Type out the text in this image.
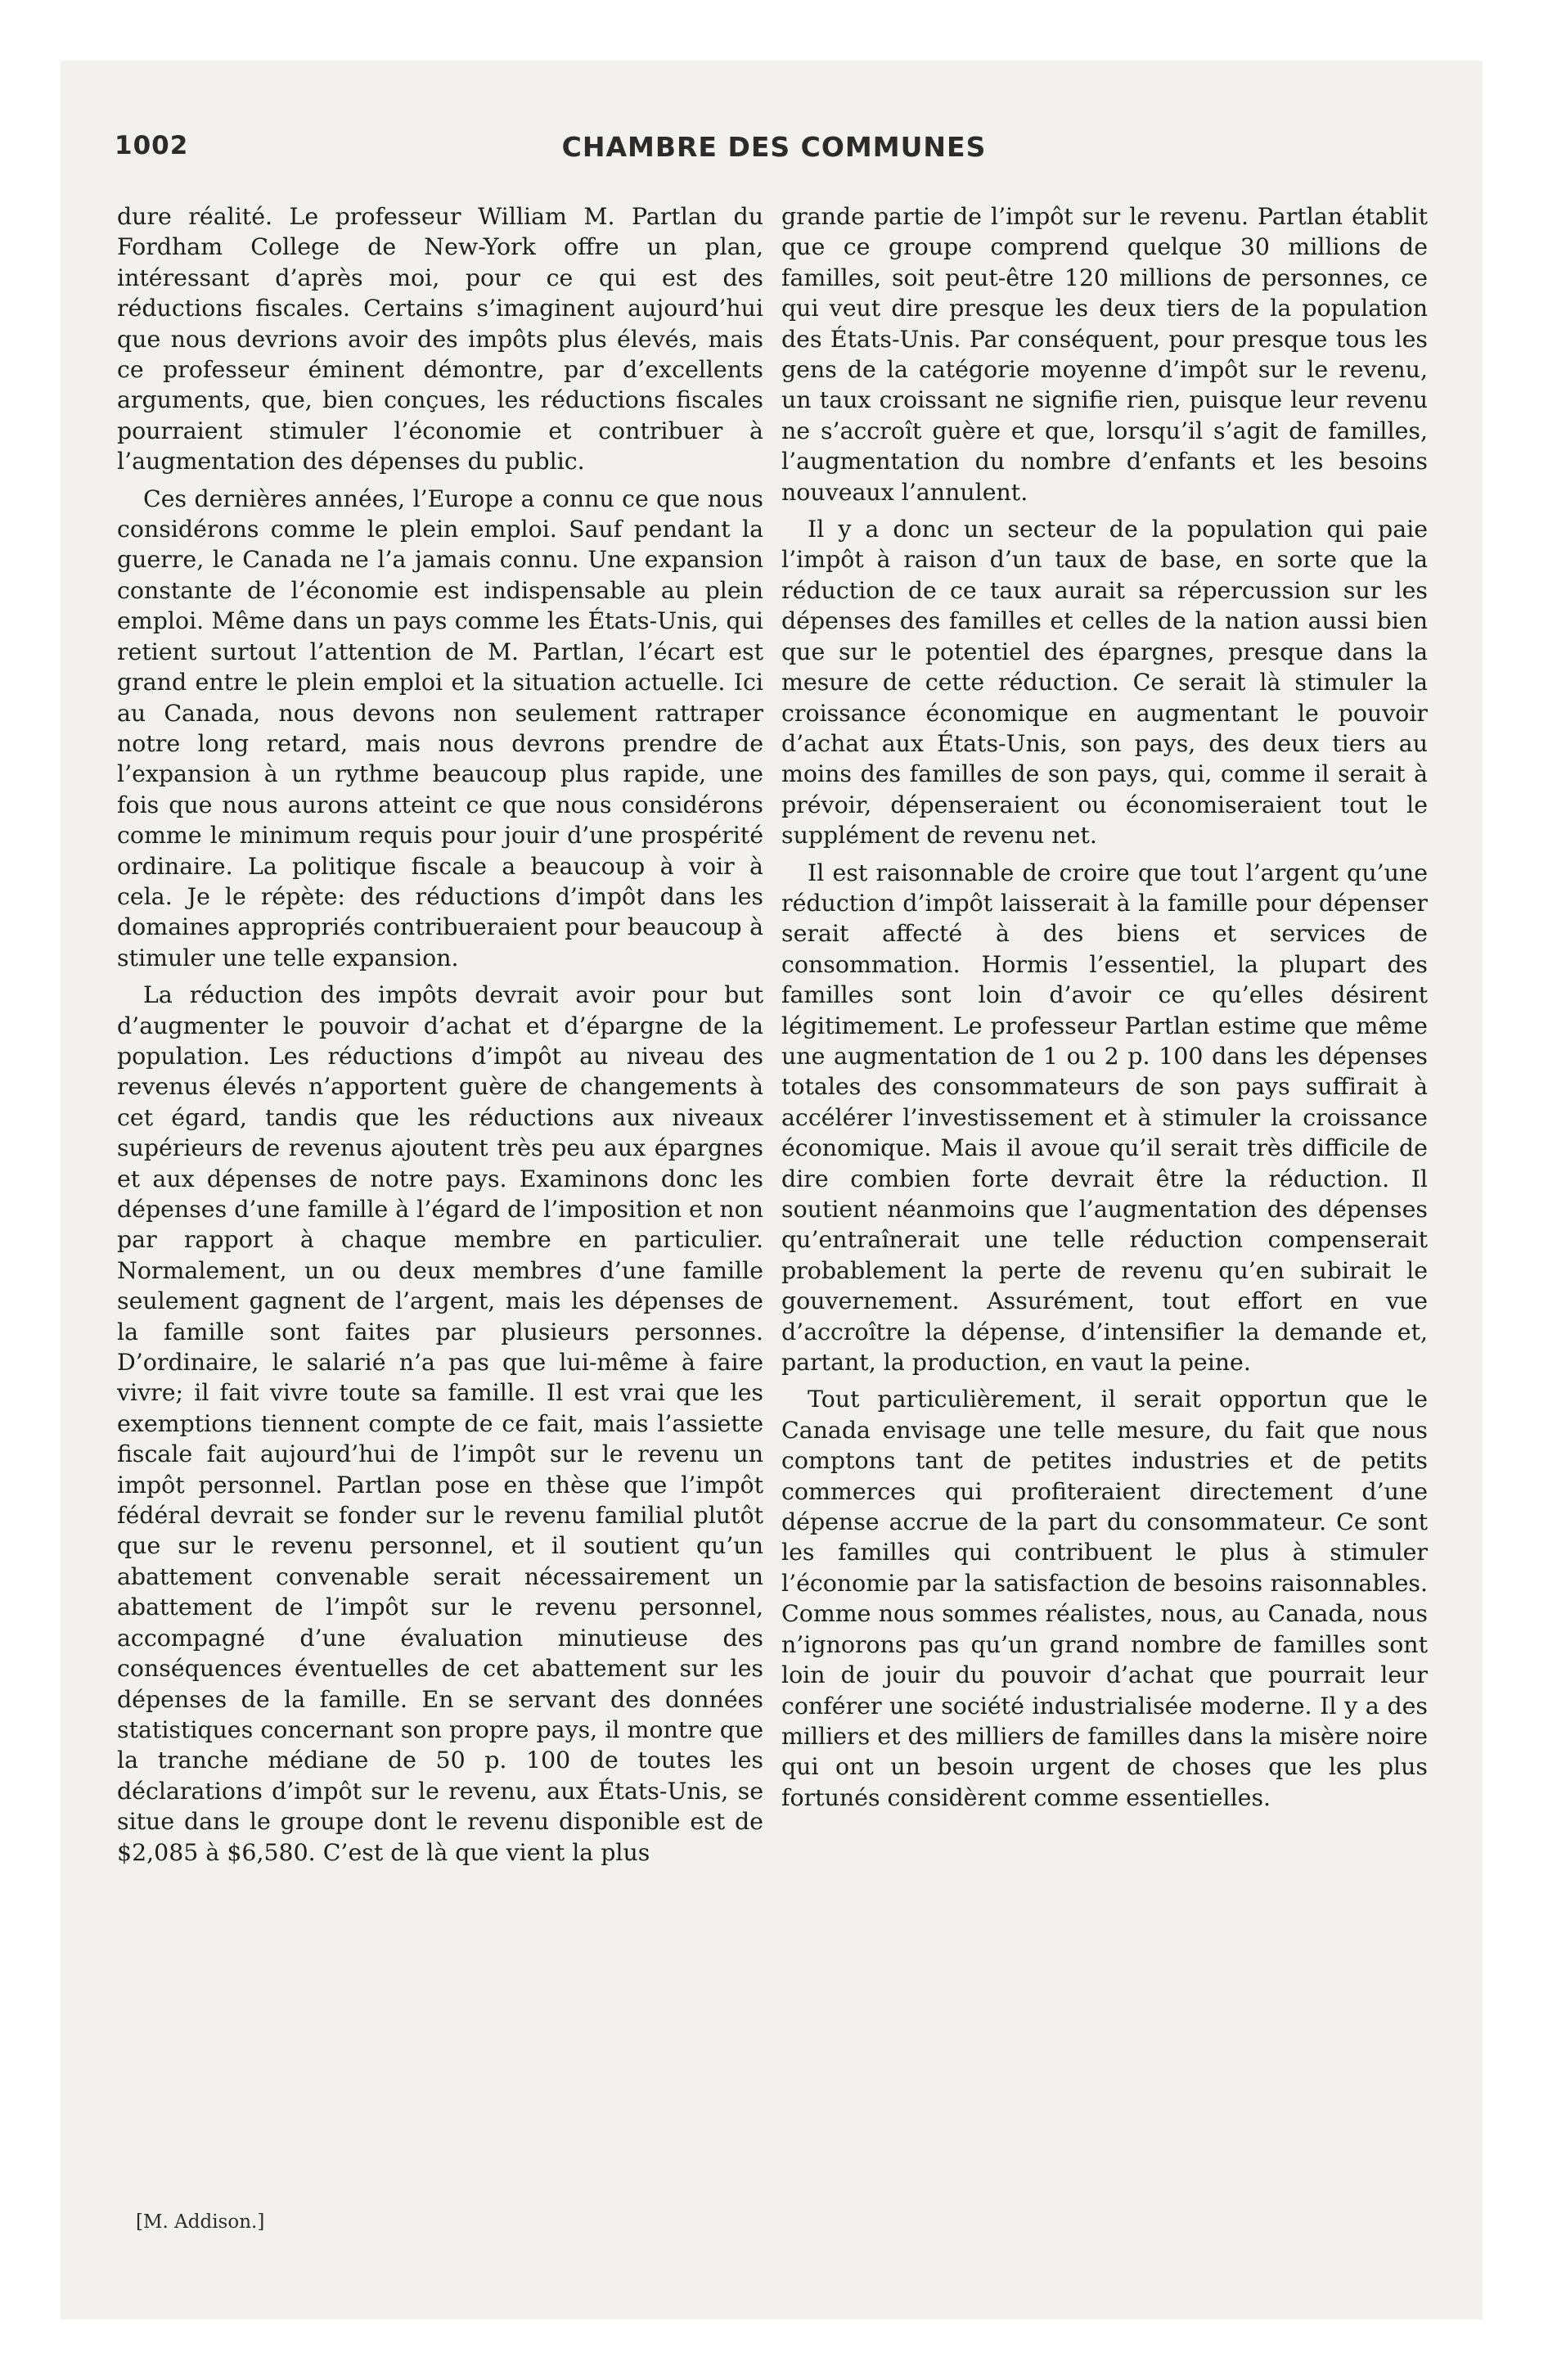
1002	CHAMBRE DES COMMUNES

dure réalité. Le professeur William M. Partlan du Fordham College de New-York offre un plan, intéressant d’après moi, pour ce qui est des réductions fiscales. Certains s’imaginent aujourd’hui que nous devrions avoir des impôts plus élevés, mais ce professeur éminent démontre, par d’excellents arguments, que, bien conçues, les réductions fiscales pourraient stimuler l’économie et contribuer à l’augmentation des dépenses du public.

Ces dernières années, l’Europe a connu ce que nous considérons comme le plein emploi. Sauf pendant la guerre, le Canada ne l’a jamais connu. Une expansion constante de l’économie est indispensable au plein emploi. Même dans un pays comme les États-Unis, qui retient surtout l’attention de M. Partlan, l’écart est grand entre le plein emploi et la situation actuelle. Ici au Canada, nous devons non seulement rattraper notre long retard, mais nous devrons prendre de l’expansion à un rythme beaucoup plus rapide, une fois que nous aurons atteint ce que nous considérons comme le minimum requis pour jouir d’une prospérité ordinaire. La politique fiscale a beaucoup à voir à cela. Je le répète: des réductions d’impôt dans les domaines appropriés contribueraient pour beaucoup à stimuler une telle expansion.

La réduction des impôts devrait avoir pour but d’augmenter le pouvoir d’achat et d’épargne de la population. Les réductions d’impôt au niveau des revenus élevés n’apportent guère de changements à cet égard, tandis que les réductions aux niveaux supérieurs de revenus ajoutent très peu aux épargnes et aux dépenses de notre pays. Examinons donc les dépenses d’une famille à l’égard de l’imposition et non par rapport à chaque membre en particulier. Normalement, un ou deux membres d’une famille seulement gagnent de l’argent, mais les dépenses de la famille sont faites par plusieurs personnes. D’ordinaire, le salarié n’a pas que lui-même à faire vivre; il fait vivre toute sa famille. Il est vrai que les exemptions tiennent compte de ce fait, mais l’assiette fiscale fait aujourd’hui de l’impôt sur le revenu un impôt personnel. Partlan pose en thèse que l’impôt fédéral devrait se fonder sur le revenu familial plutôt que sur le revenu personnel, et il soutient qu’un abattement convenable serait nécessairement un abattement de l’impôt sur le revenu personnel, accompagné d’une évaluation minutieuse des conséquences éventuelles de cet abattement sur les dépenses de la famille. En se servant des données statistiques concernant son propre pays, il montre que la tranche médiane de 50 p. 100 de toutes les déclarations d’impôt sur le revenu, aux États-Unis, se situe dans le groupe dont le revenu disponible est de $2,085 à $6,580. C’est de là que vient la plus

grande partie de l’impôt sur le revenu. Partlan établit que ce groupe comprend quelque 30 millions de familles, soit peut-être 120 millions de personnes, ce qui veut dire presque les deux tiers de la population des États-Unis. Par conséquent, pour presque tous les gens de la catégorie moyenne d’impôt sur le revenu, un taux croissant ne signifie rien, puisque leur revenu ne s’accroît guère et que, lorsqu’il s’agit de familles, l’augmentation du nombre d’enfants et les besoins nouveaux l’annulent.

Il y a donc un secteur de la population qui paie l’impôt à raison d’un taux de base, en sorte que la réduction de ce taux aurait sa répercussion sur les dépenses des familles et celles de la nation aussi bien que sur le potentiel des épargnes, presque dans la mesure de cette réduction. Ce serait là stimuler la croissance économique en augmentant le pouvoir d’achat aux États-Unis, son pays, des deux tiers au moins des familles de son pays, qui, comme il serait à prévoir, dépenseraient ou économiseraient tout le supplément de revenu net.

Il est raisonnable de croire que tout l’argent qu’une réduction d’impôt laisserait à la famille pour dépenser serait affecté à des biens et services de consommation. Hormis l’essentiel, la plupart des familles sont loin d’avoir ce qu’elles désirent légitimement. Le professeur Partlan estime que même une augmentation de 1 ou 2 p. 100 dans les dépenses totales des consommateurs de son pays suffirait à accélérer l’investissement et à stimuler la croissance économique. Mais il avoue qu’il serait très difficile de dire combien forte devrait être la réduction. Il soutient néanmoins que l’augmentation des dépenses qu’entraînerait une telle réduction compenserait probablement la perte de revenu qu’en subirait le gouvernement. Assurément, tout effort en vue d’accroître la dépense, d’intensifier la demande et, partant, la production, en vaut la peine.

Tout particulièrement, il serait opportun que le Canada envisage une telle mesure, du fait que nous comptons tant de petites industries et de petits commerces qui profiteraient directement d’une dépense accrue de la part du consommateur. Ce sont les familles qui contribuent le plus à stimuler l’économie par la satisfaction de besoins raisonnables. Comme nous sommes réalistes, nous, au Canada, nous n’ignorons pas qu’un grand nombre de familles sont loin de jouir du pouvoir d’achat que pourrait leur conférer une société industrialisée moderne. Il y a des milliers et des milliers de familles dans la misère noire qui ont un besoin urgent de choses que les plus fortunés considèrent comme essentielles.

[M. Addison.]
